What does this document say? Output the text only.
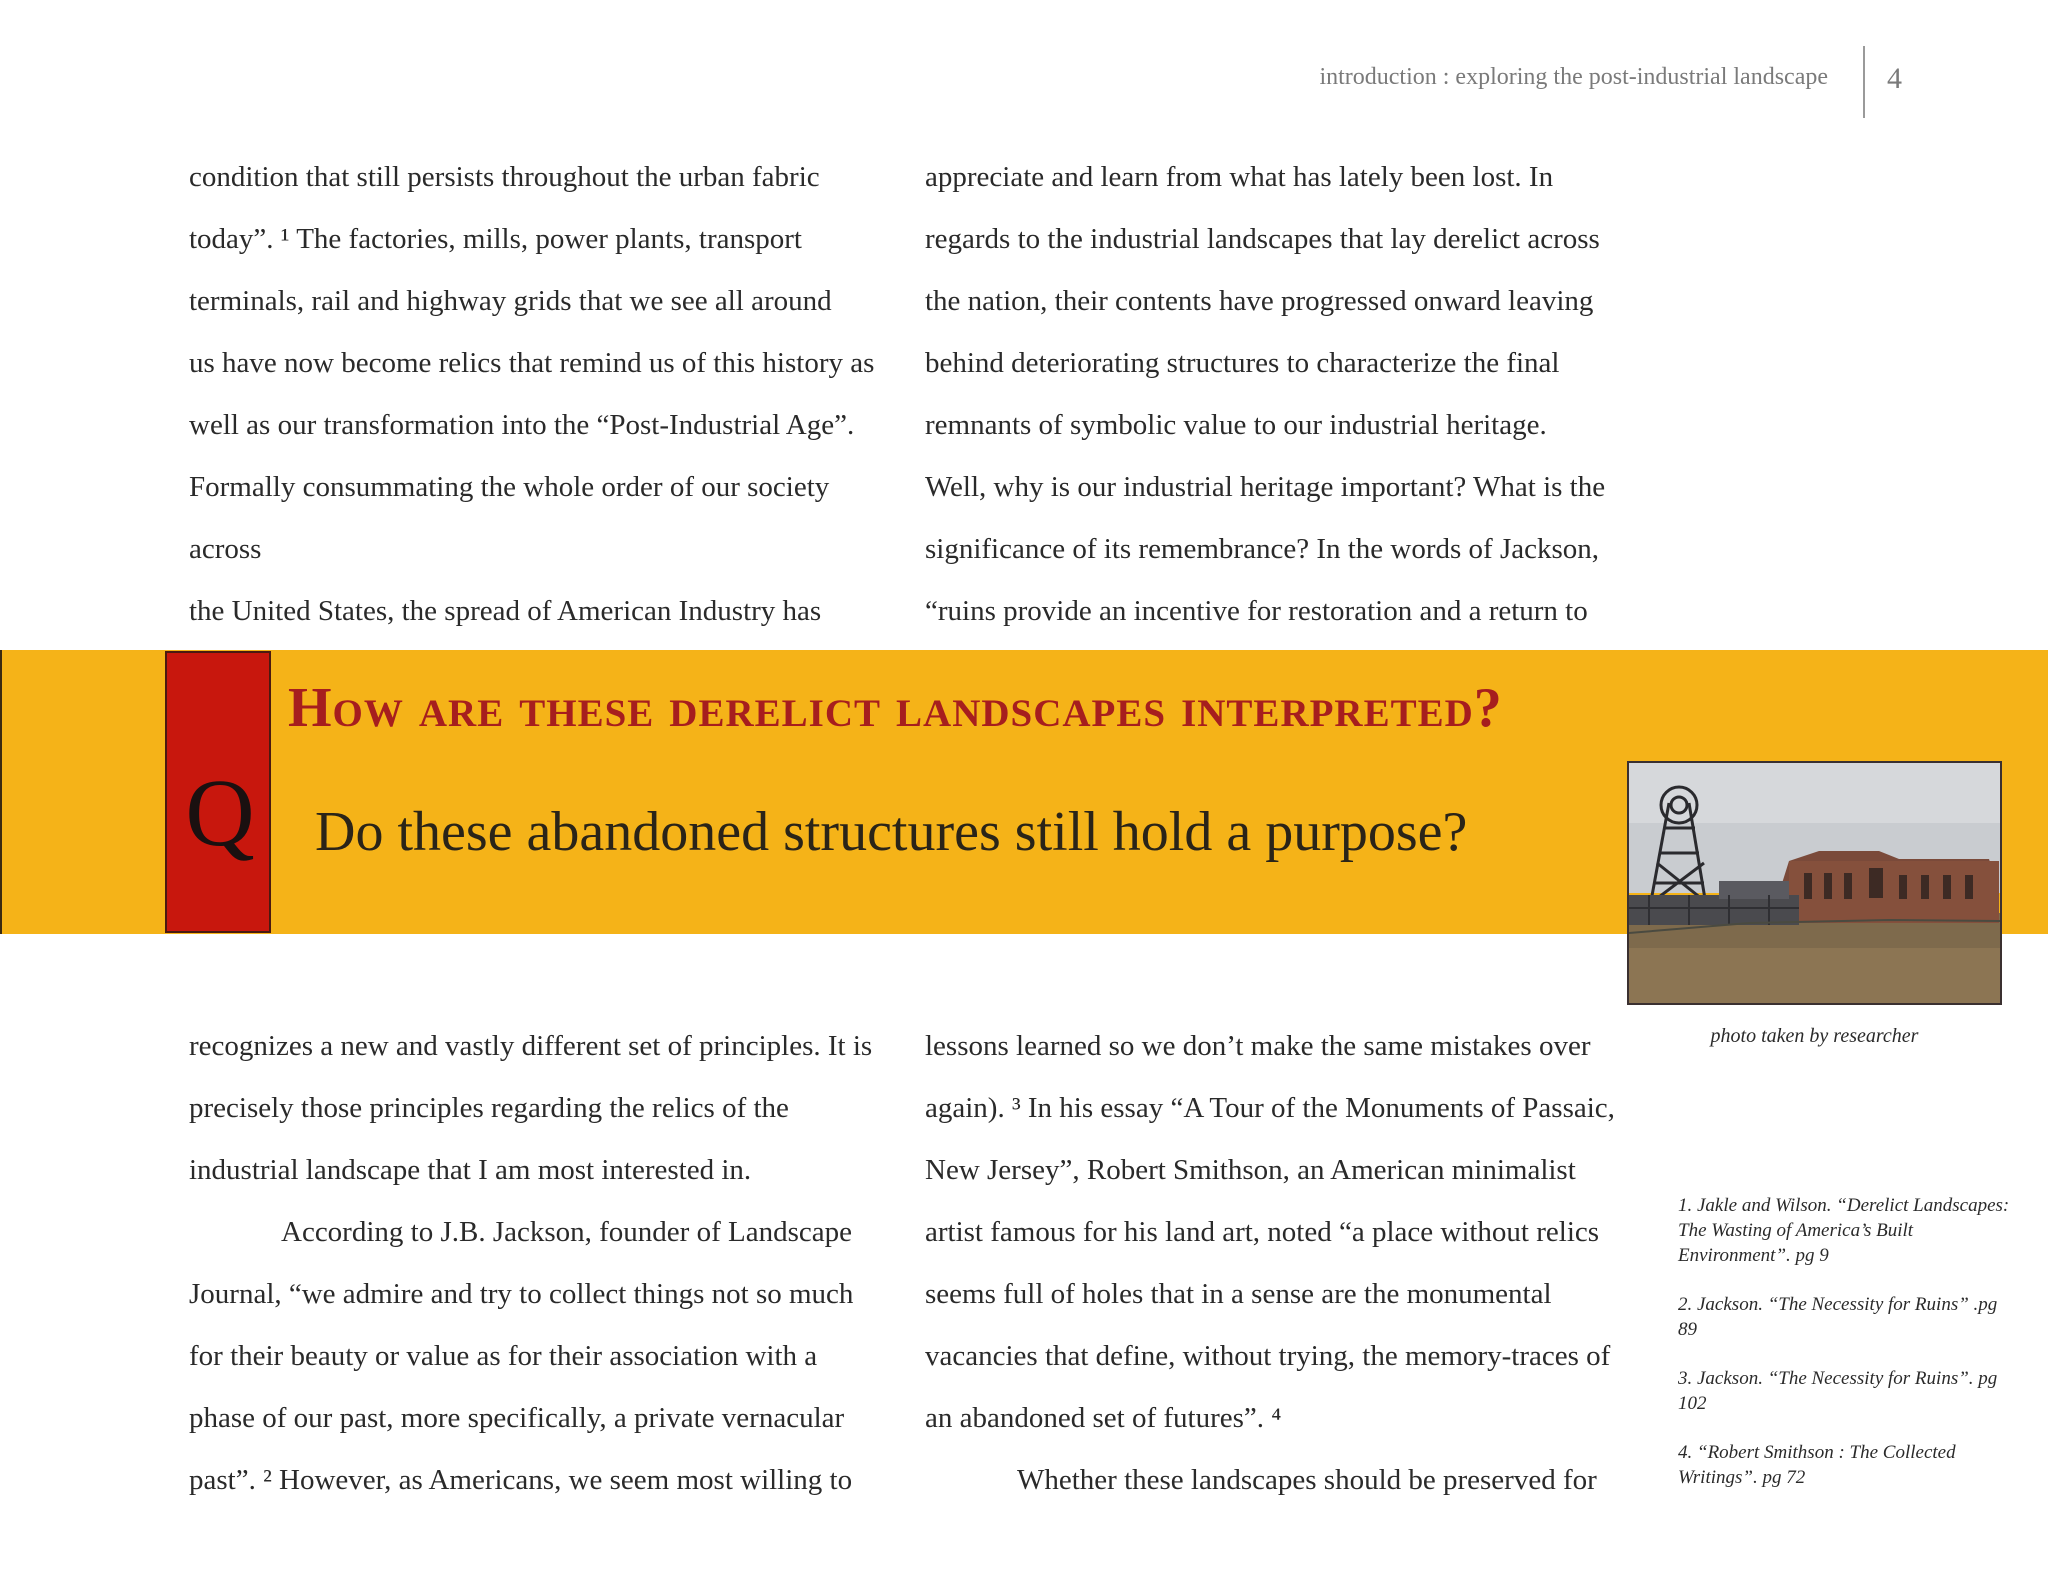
introduction : exploring the post-industrial landscape 4
condition that still persists throughout the urban fabric
today”. ¹ The factories, mills, power plants, transport
terminals, rail and highway grids that we see all around
us have now become relics that remind us of this history as
well as our transformation into the “Post-Industrial Age”.
Formally consummating the whole order of our society
across
the United States, the spread of American Industry has
appreciate and learn from what has lately been lost. In
regards to the industrial landscapes that lay derelict across
the nation, their contents have progressed onward leaving
behind deteriorating structures to characterize the final
remnants of symbolic value to our industrial heritage.
Well, why is our industrial heritage important? What is the
significance of its remembrance? In the words of Jackson,
“ruins provide an incentive for restoration and a return to
Q
How are these derelict landscapes interpreted?
Do these abandoned structures still hold a purpose?
photo taken by researcher
recognizes a new and vastly different set of principles. It is
precisely those principles regarding the relics of the
industrial landscape that I am most interested in.
According to J.B. Jackson, founder of Landscape
Journal, “we admire and try to collect things not so much
for their beauty or value as for their association with a
phase of our past, more specifically, a private vernacular
past”. ² However, as Americans, we seem most willing to
lessons learned so we don’t make the same mistakes over
again). ³ In his essay “A Tour of the Monuments of Passaic,
New Jersey”, Robert Smithson, an American minimalist
artist famous for his land art, noted “a place without relics
seems full of holes that in a sense are the monumental
vacancies that define, without trying, the memory-traces of
an abandoned set of futures”. ⁴
Whether these landscapes should be preserved for
1. Jakle and Wilson. “Derelict Landscapes: The Wasting of America’s Built Environment”. pg 9
2. Jackson. “The Necessity for Ruins” .pg 89
3. Jackson. “The Necessity for Ruins”. pg 102
4. “Robert Smithson : The Collected Writings”. pg 72
